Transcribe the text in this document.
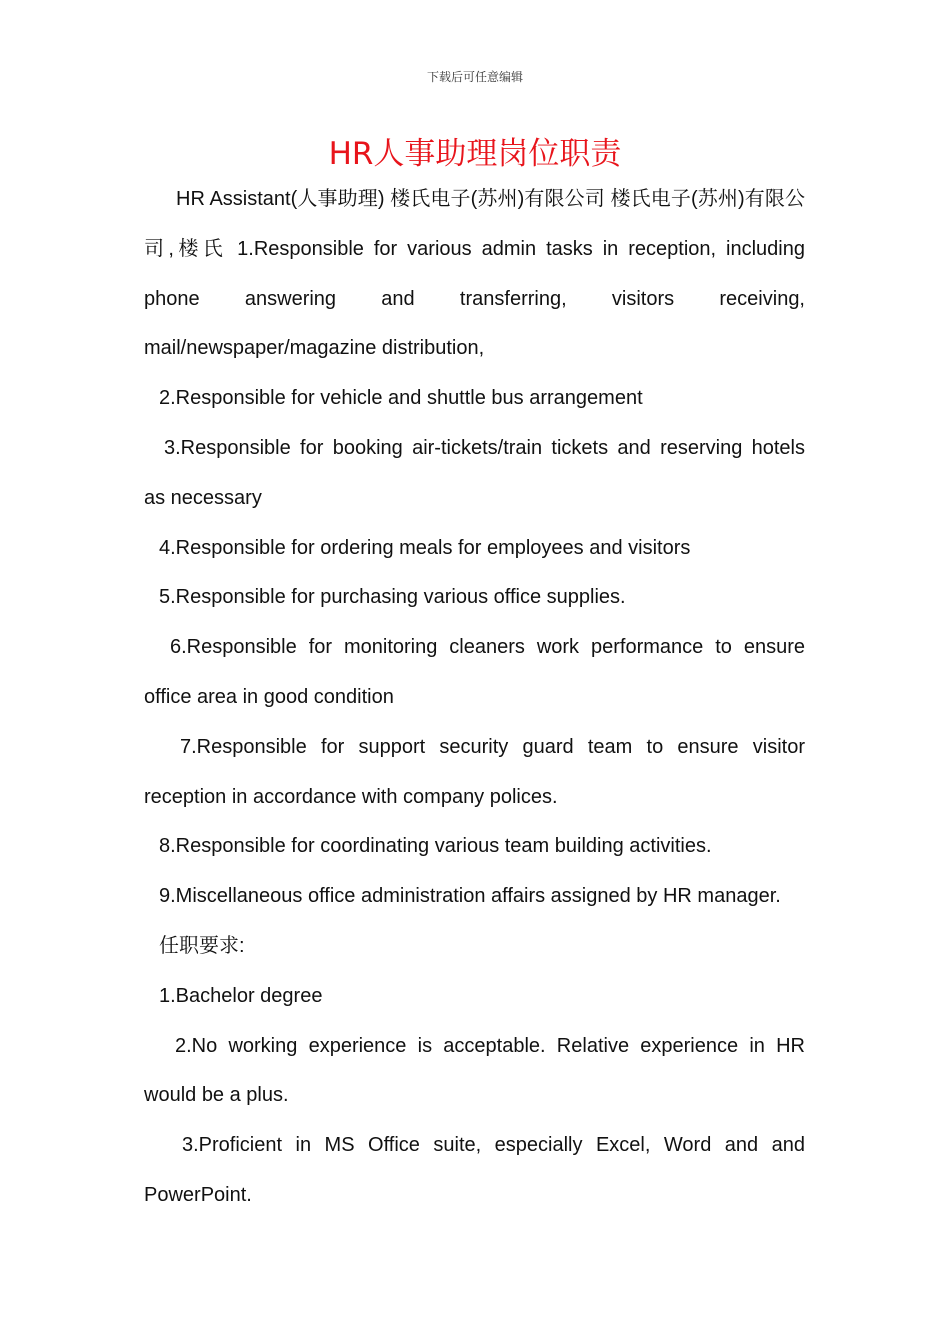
下载后可任意编辑
HR人事助理岗位职责

HR Assistant(人事助理) 楼氏电子(苏州)有限公司 楼氏电子(苏州)有限公司,楼氏 1.Responsible for various admin tasks in reception, including phone answering and transferring, visitors receiving, mail/newspaper/magazine distribution,

2.Responsible for vehicle and shuttle bus arrangement

3.Responsible for booking air-tickets/train tickets and reserving hotels as necessary

4.Responsible for ordering meals for employees and visitors

5.Responsible for purchasing various office supplies.

6.Responsible for monitoring cleaners work performance to ensure office area in good condition

7.Responsible for support security guard team to ensure visitor reception in accordance with company polices.

8.Responsible for coordinating various team building activities.

9.Miscellaneous office administration affairs assigned by HR manager.

任职要求:

1.Bachelor degree

2.No working experience is acceptable. Relative experience in HR would be a plus.

3.Proficient in MS Office suite, especially Excel, Word and and PowerPoint.
